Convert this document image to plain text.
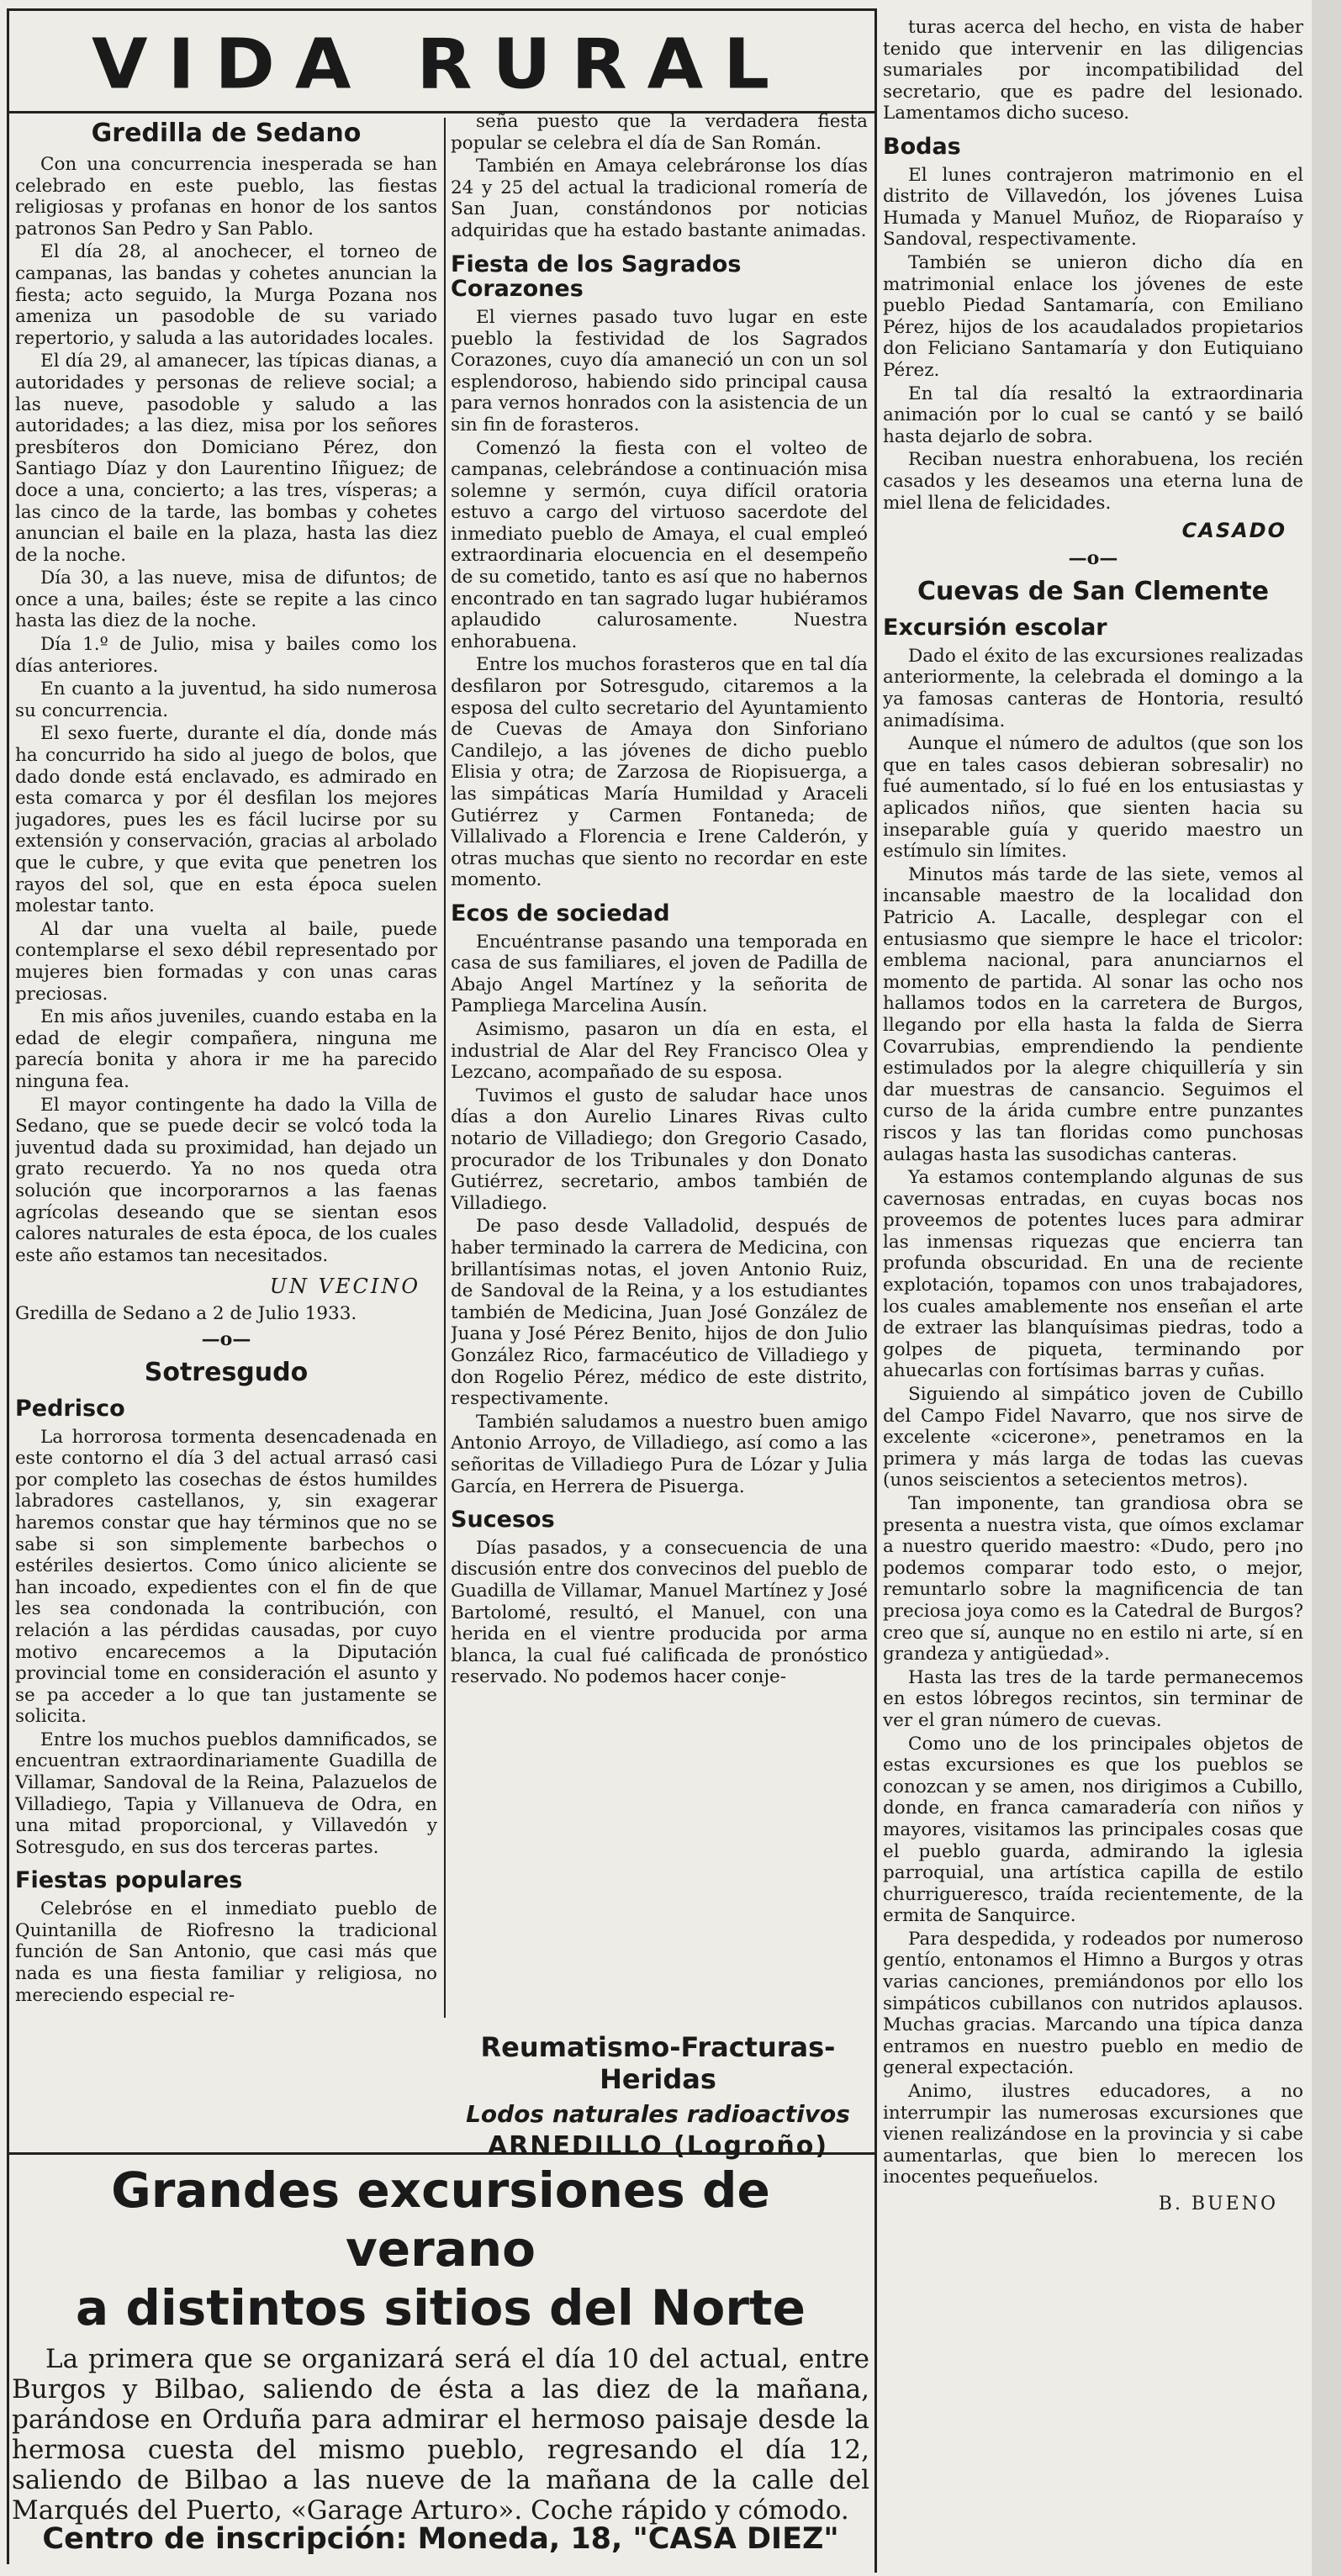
VIDA RURAL
Gredilla de Sedano

Con una concurrencia inesperada se han celebrado en este pueblo, las fiestas religiosas y profanas en honor de los santos patronos San Pedro y San Pablo.

El día 28, al anochecer, el torneo de campanas, las bandas y cohetes anuncian la fiesta; acto seguido, la Murga Pozana nos ameniza un pasodoble de su variado repertorio, y saluda a las autoridades locales.

El día 29, al amanecer, las típicas dianas, a autoridades y personas de relieve social; a las nueve, pasodoble y saludo a las autoridades; a las diez, misa por los señores presbíteros don Domiciano Pérez, don Santiago Díaz y don Laurentino Iñiguez; de doce a una, concierto; a las tres, vísperas; a las cinco de la tarde, las bombas y cohetes anuncian el baile en la plaza, hasta las diez de la noche.

Día 30, a las nueve, misa de difuntos; de once a una, bailes; éste se repite a las cinco hasta las diez de la noche.

Día 1.º de Julio, misa y bailes como los días anteriores.

En cuanto a la juventud, ha sido numerosa su concurrencia.

El sexo fuerte, durante el día, donde más ha concurrido ha sido al juego de bolos, que dado donde está enclavado, es admirado en esta comarca y por él desfilan los mejores jugadores, pues les es fácil lucirse por su extensión y conservación, gracias al arbolado que le cubre, y que evita que penetren los rayos del sol, que en esta época suelen molestar tanto.

Al dar una vuelta al baile, puede contemplarse el sexo débil representado por mujeres bien formadas y con unas caras preciosas.

En mis años juveniles, cuando estaba en la edad de elegir compañera, ninguna me parecía bonita y ahora ir me ha parecido ninguna fea.

El mayor contingente ha dado la Villa de Sedano, que se puede decir se volcó toda la juventud dada su proximidad, han dejado un grato recuerdo. Ya no nos queda otra solución que incorporarnos a las faenas agrícolas deseando que se sientan esos calores naturales de esta época, de los cuales este año estamos tan necesitados.

UN VECINO
Gredilla de Sedano a 2 de Julio 1933.
—o—
Sotresgudo
Pedrisco

La horrorosa tormenta desencadenada en este contorno el día 3 del actual arrasó casi por completo las cosechas de éstos humildes labradores castellanos, y, sin exagerar haremos constar que hay términos que no se sabe si son simplemente barbechos o estériles desiertos. Como único aliciente se han incoado, expedientes con el fin de que les sea condonada la contribución, con relación a las pérdidas causadas, por cuyo motivo encarecemos a la Diputación provincial tome en consideración el asunto y se pa acceder a lo que tan justamente se solicita.

Entre los muchos pueblos damnificados, se encuentran extraordinariamente Guadilla de Villamar, Sandoval de la Reina, Palazuelos de Villadiego, Tapia y Villanueva de Odra, en una mitad proporcional, y Villavedón y Sotresgudo, en sus dos terceras partes.

Fiestas populares

Celebróse en el inmediato pueblo de Quintanilla de Riofresno la tradicional función de San Antonio, que casi más que nada es una fiesta familiar y religiosa, no mereciendo especial re-

seña puesto que la verdadera fiesta popular se celebra el día de San Román.

También en Amaya celebráronse los días 24 y 25 del actual la tradicional romería de San Juan, constándonos por noticias adquiridas que ha estado bastante animadas.

Fiesta de los Sagrados Corazones

El viernes pasado tuvo lugar en este pueblo la festividad de los Sagrados Corazones, cuyo día amaneció un con un sol esplendoroso, habiendo sido principal causa para vernos honrados con la asistencia de un sin fin de forasteros.

Comenzó la fiesta con el volteo de campanas, celebrándose a continuación misa solemne y sermón, cuya difícil oratoria estuvo a cargo del virtuoso sacerdote del inmediato pueblo de Amaya, el cual empleó extraordinaria elocuencia en el desempeño de su cometido, tanto es así que no habernos encontrado en tan sagrado lugar hubiéramos aplaudido calurosamente. Nuestra enhorabuena.

Entre los muchos forasteros que en tal día desfilaron por Sotresgudo, citaremos a la esposa del culto secretario del Ayuntamiento de Cuevas de Amaya don Sinforiano Candilejo, a las jóvenes de dicho pueblo Elisia y otra; de Zarzosa de Riopisuerga, a las simpáticas María Humildad y Araceli Gutiérrez y Carmen Fontaneda; de Villalivado a Florencia e Irene Calderón, y otras muchas que siento no recordar en este momento.

Ecos de sociedad

Encuéntranse pasando una temporada en casa de sus familiares, el joven de Padilla de Abajo Angel Martínez y la señorita de Pampliega Marcelina Ausín.

Asimismo, pasaron un día en esta, el industrial de Alar del Rey Francisco Olea y Lezcano, acompañado de su esposa.

Tuvimos el gusto de saludar hace unos días a don Aurelio Linares Rivas culto notario de Villadiego; don Gregorio Casado, procurador de los Tribunales y don Donato Gutiérrez, secretario, ambos también de Villadiego.

De paso desde Valladolid, después de haber terminado la carrera de Medicina, con brillantísimas notas, el joven Antonio Ruiz, de Sandoval de la Reina, y a los estudiantes también de Medicina, Juan José González de Juana y José Pérez Benito, hijos de don Julio González Rico, farmacéutico de Villadiego y don Rogelio Pérez, médico de este distrito, respectivamente.

También saludamos a nuestro buen amigo Antonio Arroyo, de Villadiego, así como a las señoritas de Villadiego Pura de Lózar y Julia García, en Herrera de Pisuerga.

Sucesos

Días pasados, y a consecuencia de una discusión entre dos convecinos del pueblo de Guadilla de Villamar, Manuel Martínez y José Bartolomé, resultó, el Manuel, con una herida en el vientre producida por arma blanca, la cual fué calificada de pronóstico reservado. No podemos hacer conje-

Reumatismo-Fracturas-Heridas
Lodos naturales radioactivos
ARNEDILLO (Logroño)

turas acerca del hecho, en vista de haber tenido que intervenir en las diligencias sumariales por incompatibilidad del secretario, que es padre del lesionado. Lamentamos dicho suceso.

Bodas

El lunes contrajeron matrimonio en el distrito de Villavedón, los jóvenes Luisa Humada y Manuel Muñoz, de Rioparaíso y Sandoval, respectivamente.

También se unieron dicho día en matrimonial enlace los jóvenes de este pueblo Piedad Santamaría, con Emiliano Pérez, hijos de los acaudalados propietarios don Feliciano Santamaría y don Eutiquiano Pérez.

En tal día resaltó la extraordinaria animación por lo cual se cantó y se bailó hasta dejarlo de sobra.

Reciban nuestra enhorabuena, los recién casados y les deseamos una eterna luna de miel llena de felicidades.

CASADO
—o—
Cuevas de San Clemente
Excursión escolar

Dado el éxito de las excursiones realizadas anteriormente, la celebrada el domingo a la ya famosas canteras de Hontoria, resultó animadísima.

Aunque el número de adultos (que son los que en tales casos debieran sobresalir) no fué aumentado, sí lo fué en los entusiastas y aplicados niños, que sienten hacia su inseparable guía y querido maestro un estímulo sin límites.

Minutos más tarde de las siete, vemos al incansable maestro de la localidad don Patricio A. Lacalle, desplegar con el entusiasmo que siempre le hace el tricolor: emblema nacional, para anunciarnos el momento de partida. Al sonar las ocho nos hallamos todos en la carretera de Burgos, llegando por ella hasta la falda de Sierra Covarrubias, emprendiendo la pendiente estimulados por la alegre chiquillería y sin dar muestras de cansancio. Seguimos el curso de la árida cumbre entre punzantes riscos y las tan floridas como punchosas aulagas hasta las susodichas canteras.

Ya estamos contemplando algunas de sus cavernosas entradas, en cuyas bocas nos proveemos de potentes luces para admirar las inmensas riquezas que encierra tan profunda obscuridad. En una de reciente explotación, topamos con unos trabajadores, los cuales amablemente nos enseñan el arte de extraer las blanquísimas piedras, todo a golpes de piqueta, terminando por ahuecarlas con fortísimas barras y cuñas.

Siguiendo al simpático joven de Cubillo del Campo Fidel Navarro, que nos sirve de excelente «cicerone», penetramos en la primera y más larga de todas las cuevas (unos seiscientos a setecientos metros).

Tan imponente, tan grandiosa obra se presenta a nuestra vista, que oímos exclamar a nuestro querido maestro: «Dudo, pero ¡no podemos comparar todo esto, o mejor, remuntarlo sobre la magnificencia de tan preciosa joya como es la Catedral de Burgos? creo que sí, aunque no en estilo ni arte, sí en grandeza y antigüedad».

Hasta las tres de la tarde permanecemos en estos lóbregos recintos, sin terminar de ver el gran número de cuevas.

Como uno de los principales objetos de estas excursiones es que los pueblos se conozcan y se amen, nos dirigimos a Cubillo, donde, en franca camaradería con niños y mayores, visitamos las principales cosas que el pueblo guarda, admirando la iglesia parroquial, una artística capilla de estilo churrigueresco, traída recientemente, de la ermita de Sanquirce.

Para despedida, y rodeados por numeroso gentío, entonamos el Himno a Burgos y otras varias canciones, premiándonos por ello los simpáticos cubillanos con nutridos aplausos. Muchas gracias. Marcando una típica danza entramos en nuestro pueblo en medio de general expectación.

Animo, ilustres educadores, a no interrumpir las numerosas excursiones que vienen realizándose en la provincia y si cabe aumentarlas, que bien lo merecen los inocentes pequeñuelos.

B. BUENO
Grandes excursiones de verano
a distintos sitios del Norte

La primera que se organizará será el día 10 del actual, entre Burgos y Bilbao, saliendo de ésta a las diez de la mañana, parándose en Orduña para admirar el hermoso paisaje desde la hermosa cuesta del mismo pueblo, regresando el día 12, saliendo de Bilbao a las nueve de la mañana de la calle del Marqués del Puerto, «Garage Arturo». Coche rápido y cómodo.

Centro de inscripción: Moneda, 18, "CASA DIEZ"
